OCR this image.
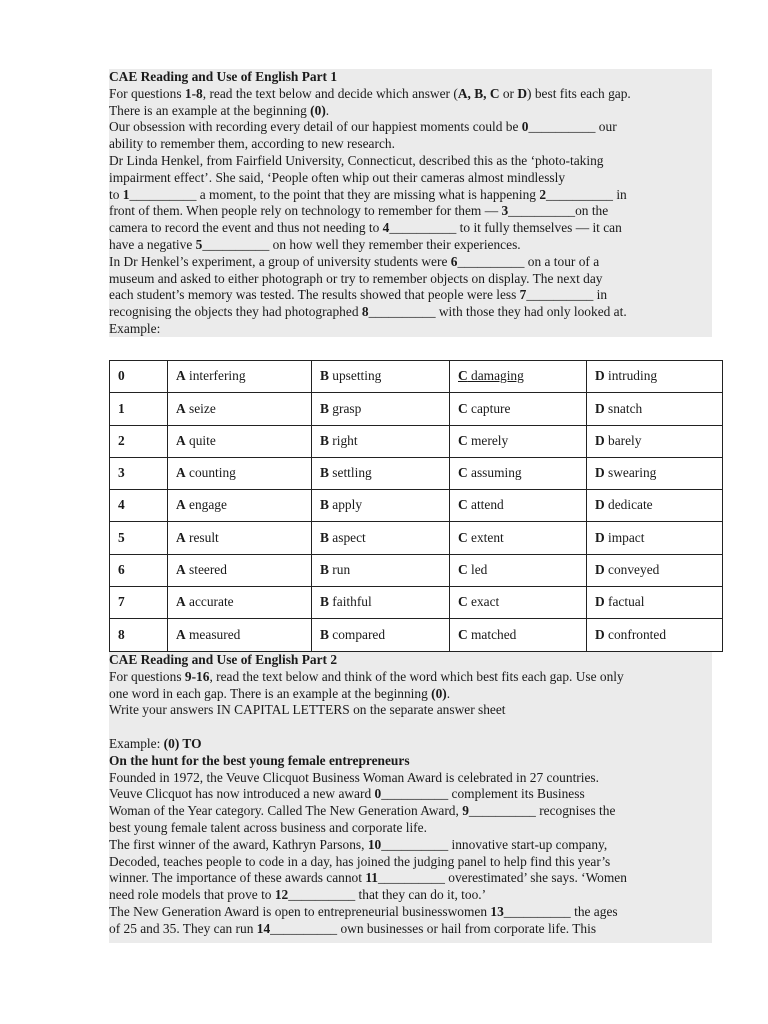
CAE Reading and Use of English Part 1
For questions 1-8, read the text below and decide which answer (A, B, C or D) best fits each gap.
There is an example at the beginning (0).
Our obsession with recording every detail of our happiest moments could be 0__________ our
ability to remember them, according to new research.
Dr Linda Henkel, from Fairfield University, Connecticut, described this as the ‘photo-taking
impairment effect’. She said, ‘People often whip out their cameras almost mindlessly
to 1__________ a moment, to the point that they are missing what is happening 2__________ in
front of them. When people rely on technology to remember for them — 3__________on the
camera to record the event and thus not needing to 4__________ to it fully themselves — it can
have a negative 5__________ on how well they remember their experiences.
In Dr Henkel’s experiment, a group of university students were 6__________ on a tour of a
museum and asked to either photograph or try to remember objects on display. The next day
each student’s memory was tested. The results showed that people were less 7__________ in
recognising the objects they had photographed 8__________ with those they had only looked at.
Example:
0	A interfering	B upsetting	C damaging	D intruding
1	A seize	B grasp	C capture	D snatch
2	A quite	B right	C merely	D barely
3	A counting	B settling	C assuming	D swearing
4	A engage	B apply	C attend	D dedicate
5	A result	B aspect	C extent	D impact
6	A steered	B run	C led	D conveyed
7	A accurate	B faithful	C exact	D factual
8	A measured	B compared	C matched	D confronted
CAE Reading and Use of English Part 2
For questions 9-16, read the text below and think of the word which best fits each gap. Use only
one word in each gap. There is an example at the beginning (0).
Write your answers IN CAPITAL LETTERS on the separate answer sheet

Example: (0) TO
On the hunt for the best young female entrepreneurs
Founded in 1972, the Veuve Clicquot Business Woman Award is celebrated in 27 countries.
Veuve Clicquot has now introduced a new award 0__________ complement its Business
Woman of the Year category. Called The New Generation Award, 9__________ recognises the
best young female talent across business and corporate life.
The first winner of the award, Kathryn Parsons, 10__________ innovative start-up company,
Decoded, teaches people to code in a day, has joined the judging panel to help find this year’s
winner. The importance of these awards cannot 11__________ overestimated’ she says. ‘Women
need role models that prove to 12__________ that they can do it, too.’
The New Generation Award is open to entrepreneurial businesswomen 13__________ the ages
of 25 and 35. They can run 14__________ own businesses or hail from corporate life. This
